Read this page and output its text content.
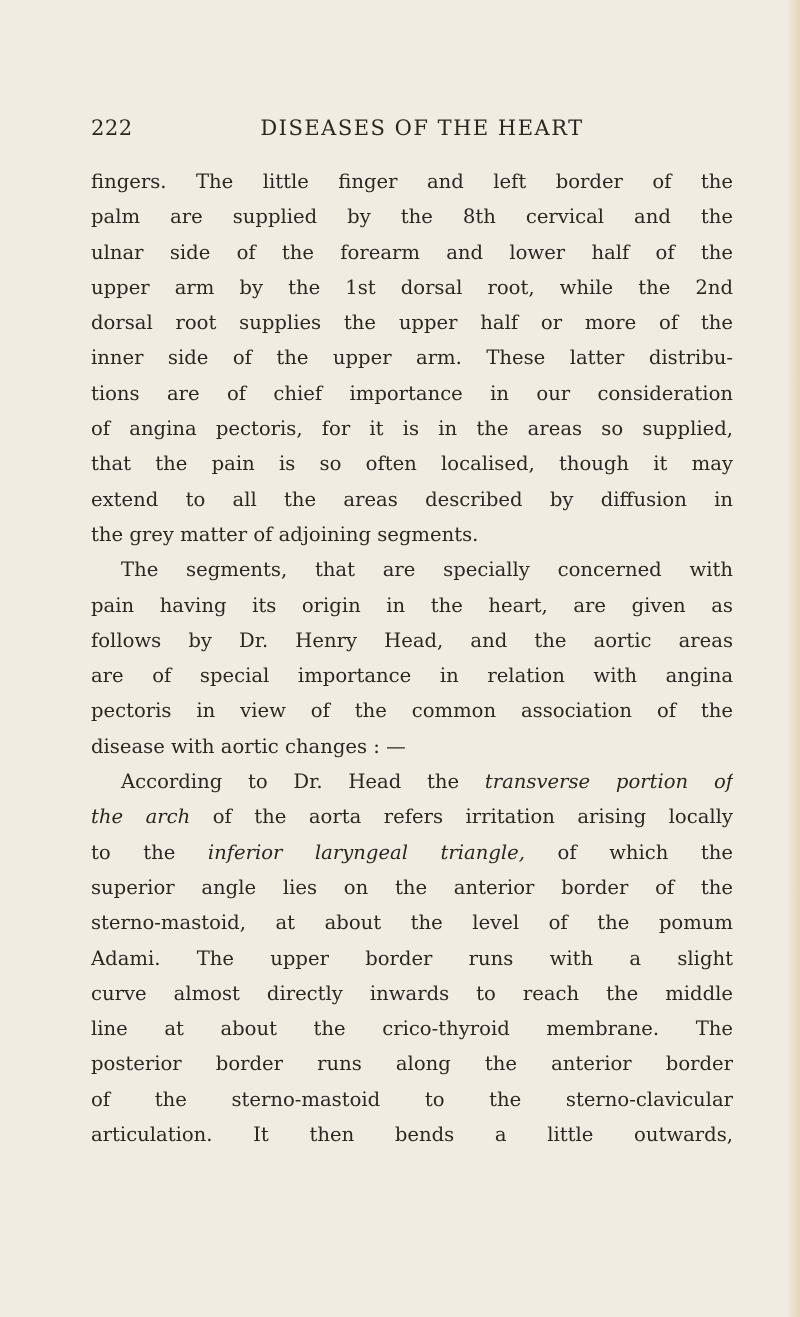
222	DISEASES OF THE HEART
fingers. The little finger and left border of the
palm are supplied by the 8th cervical and the
ulnar side of the forearm and lower half of the
upper arm by the 1st dorsal root, while the 2nd
dorsal root supplies the upper half or more of the
inner side of the upper arm. These latter distribu-
tions are of chief importance in our consideration
of angina pectoris, for it is in the areas so supplied,
that the pain is so often localised, though it may
extend to all the areas described by diffusion in
the grey matter of adjoining segments.
The segments, that are specially concerned with
pain having its origin in the heart, are given as
follows by Dr. Henry Head, and the aortic areas
are of special importance in relation with angina
pectoris in view of the common association of the
disease with aortic changes : —
According to Dr. Head the transverse portion of
the arch of the aorta refers irritation arising locally
to the inferior laryngeal triangle, of which the
superior angle lies on the anterior border of the
sterno-mastoid, at about the level of the pomum
Adami. The upper border runs with a slight
curve almost directly inwards to reach the middle
line at about the crico-thyroid membrane. The
posterior border runs along the anterior border
of the sterno-mastoid to the sterno-clavicular
articulation. It then bends a little outwards,
